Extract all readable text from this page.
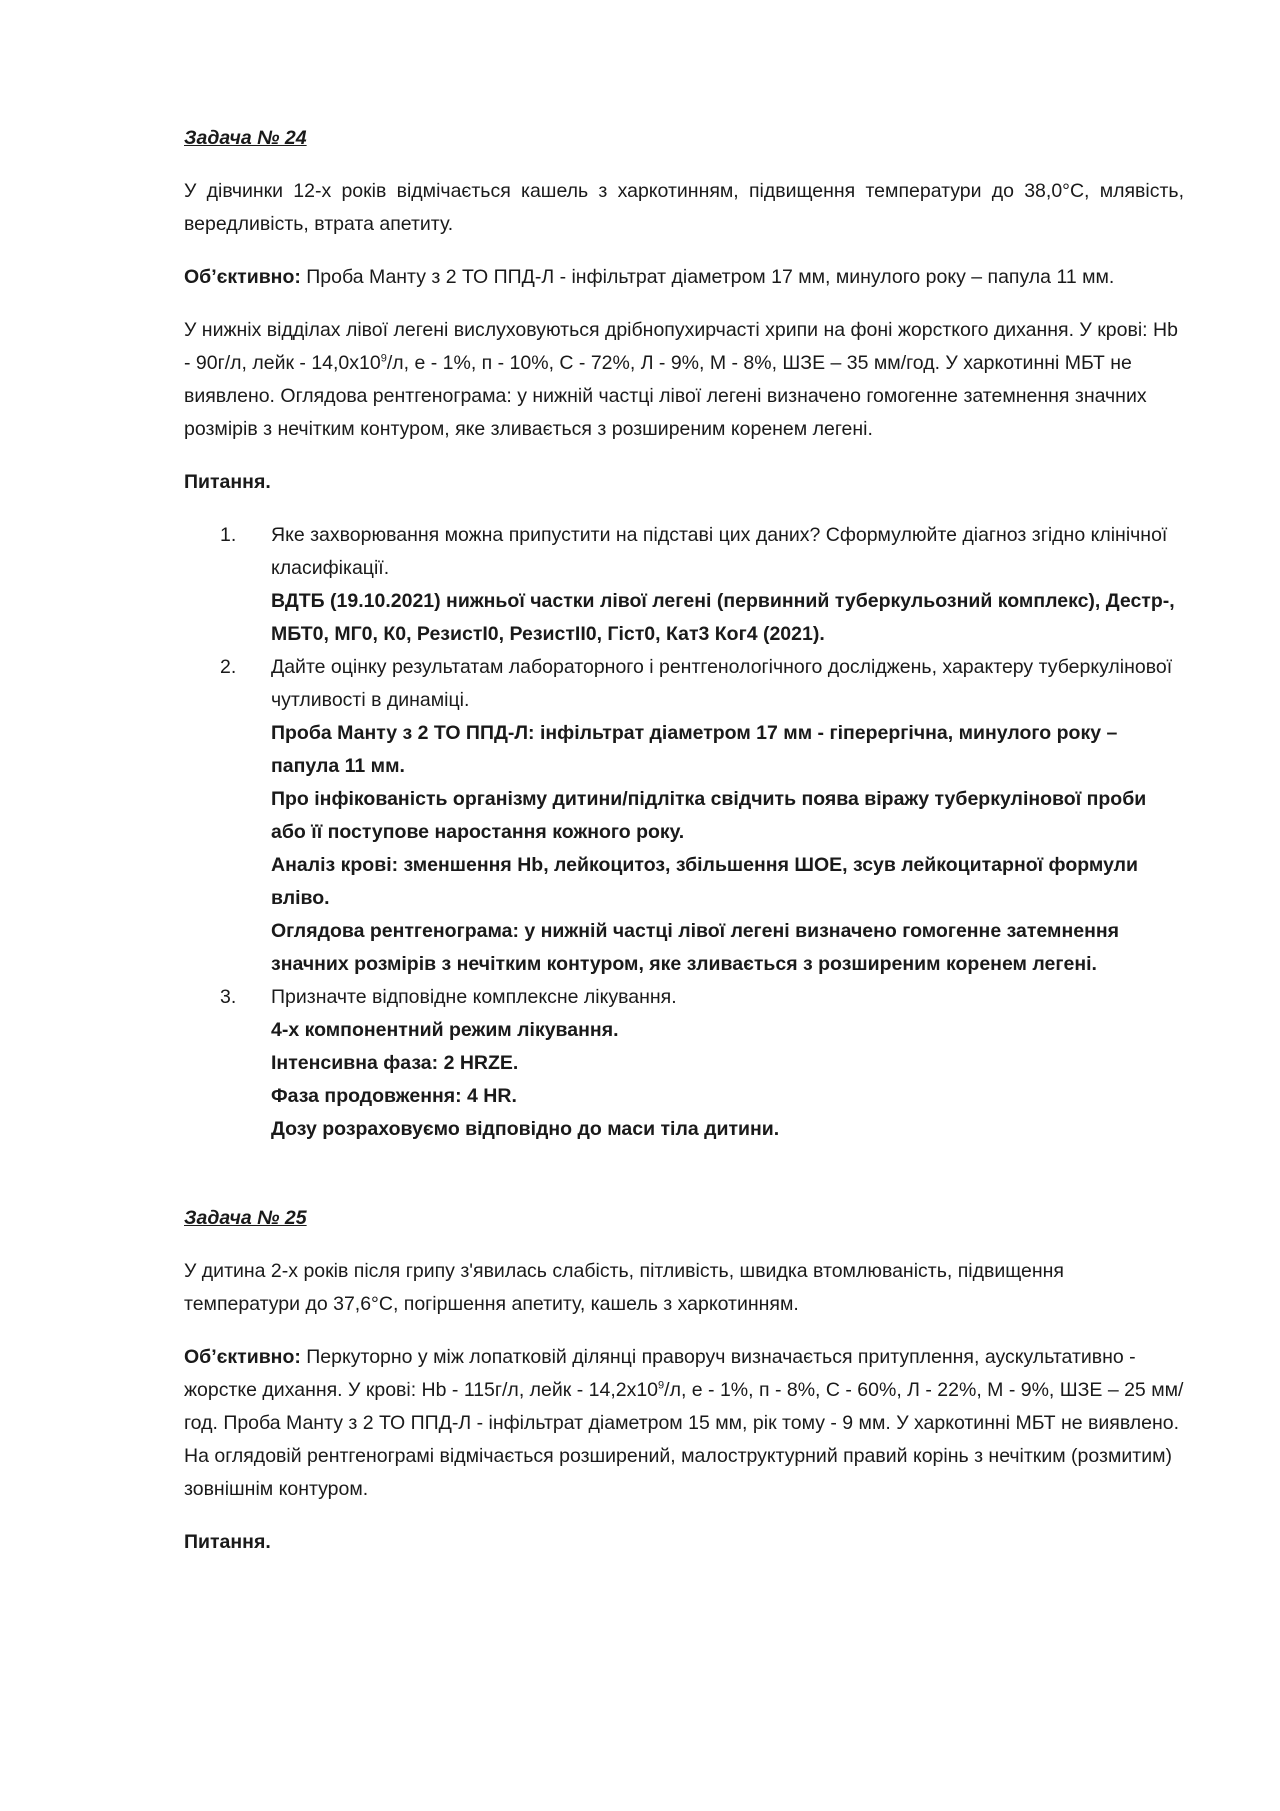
Задача № 24

У дівчинки 12-х років відмічається кашель з харкотинням, підвищення температури до 38,0°С, млявість, вередливість, втрата апетиту.

Об’єктивно: Проба Манту з 2 ТО ППД-Л - інфільтрат діаметром 17 мм, минулого року – папула 11 мм.

У нижніх відділах лівої легені вислуховуються дрібнопухирчасті хрипи на фоні жорсткого дихання. У крові: Hb - 90г/л, лейк - $14,0х10^9/л$, е - 1%, п - 10%, С - 72%, Л - 9%, М - 8%, ШЗЕ – 35 мм/год. У харкотинні МБТ не виявлено. Оглядова рентгенограма: у нижній частці лівої легені визначено гомогенне затемнення значних розмірів з нечітким контуром, яке зливається з розширеним коренем легені.

Питання.

1. Яке захворювання можна припустити на підставі цих даних? Сформулюйте діагноз згідно клінічної класифікації.
ВДТБ (19.10.2021) нижньої частки лівої легені (первинний туберкульозний комплекс), Дестр-, МБТ0, МГ0, К0, РезистІ0, РезистІІ0, Гіст0, Кат3 Ког4 (2021).
2. Дайте оцінку результатам лабораторного і рентгенологічного досліджень, характеру туберкулінової чутливості в динаміці.
Проба Манту з 2 ТО ППД-Л: інфільтрат діаметром 17 мм - гіперергічна, минулого року – папула 11 мм.
Про інфікованість організму дитини/підлітка свідчить поява віражу туберкулінової проби або її поступове наростання кожного року.
Аналіз крові: зменшення Hb, лейкоцитоз, збільшення ШОЕ, зсув лейкоцитарної формули вліво.
Оглядова рентгенограма: у нижній частці лівої легені визначено гомогенне затемнення значних розмірів з нечітким контуром, яке зливається з розширеним коренем легені.
3. Призначте відповідне комплексне лікування.
4-х компонентний режим лікування.
Інтенсивна фаза: 2 HRZE.
Фаза продовження: 4 HR.
Дозу розраховуємо відповідно до маси тіла дитини.
Задача № 25

У дитина 2-х років після грипу з'явилась слабість, пітливість, швидка втомлюваність, підвищення температури до 37,6°С, погіршення апетиту, кашель з харкотинням.

Об’єктивно: Перкуторно у між лопатковій ділянці праворуч визначається притуплення, аускультативно - жорстке дихання. У крові: Hb - 115г/л, лейк - $14,2х10^9/л$, е - 1%, п - 8%, С - 60%, Л - 22%, М - 9%, ШЗЕ – 25 мм/ год. Проба Манту з 2 ТО ППД-Л - інфільтрат діаметром 15 мм, рік тому - 9 мм. У харкотинні МБТ не виявлено. На оглядовій рентгенограмі відмічається розширений, малоструктурний правий корінь з нечітким (розмитим) зовнішнім контуром.

Питання.
